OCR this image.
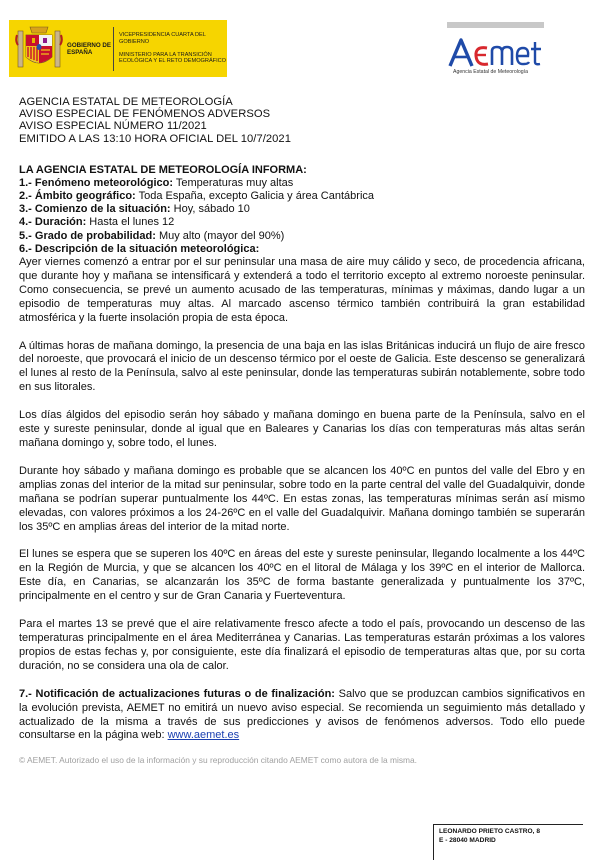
GOBIERNO DE ESPAÑA
VICEPRESIDENCIA CUARTA DEL GOBIERNO
MINISTERIO PARA LA TRANSICIÓN ECOLÓGICA Y EL RETO DEMOGRÁFICO
Agencia Estatal de Meteorología
AGENCIA ESTATAL DE METEOROLOGÍA
AVISO ESPECIAL DE FENÓMENOS ADVERSOS
AVISO ESPECIAL NÚMERO 11/2021
EMITIDO A LAS 13:10 HORA OFICIAL DEL 10/7/2021
LA AGENCIA ESTATAL DE METEOROLOGÍA INFORMA:
1.- Fenómeno meteorológico: Temperaturas muy altas
2.- Ámbito geográfico: Toda España, excepto Galicia y área Cantábrica
3.- Comienzo de la situación: Hoy, sábado 10
4.- Duración: Hasta el lunes 12
5.- Grado de probabilidad: Muy alto (mayor del 90%)
6.- Descripción de la situación meteorológica:

Ayer viernes comenzó a entrar por el sur peninsular una masa de aire muy cálido y seco, de procedencia africana, que durante hoy y mañana se intensificará y extenderá a todo el territorio excepto al extremo noroeste peninsular. Como consecuencia, se prevé un aumento acusado de las temperaturas, mínimas y máximas, dando lugar a un episodio de temperaturas muy altas. Al marcado ascenso térmico también contribuirá la gran estabilidad atmosférica y la fuerte insolación propia de esta época.

A últimas horas de mañana domingo, la presencia de una baja en las islas Británicas inducirá un flujo de aire fresco del noroeste, que provocará el inicio de un descenso térmico por el oeste de Galicia. Este descenso se generalizará el lunes al resto de la Península, salvo al este peninsular, donde las temperaturas subirán notablemente, sobre todo en sus litorales.

Los días álgidos del episodio serán hoy sábado y mañana domingo en buena parte de la Península, salvo en el este y sureste peninsular, donde al igual que en Baleares y Canarias los días con temperaturas más altas serán mañana domingo y, sobre todo, el lunes.

Durante hoy sábado y mañana domingo es probable que se alcancen los 40ºC en puntos del valle del Ebro y en amplias zonas del interior de la mitad sur peninsular, sobre todo en la parte central del valle del Guadalquivir, donde mañana se podrían superar puntualmente los 44ºC. En estas zonas, las temperaturas mínimas serán así mismo elevadas, con valores próximos a los 24-26ºC en el valle del Guadalquivir. Mañana domingo también se superarán los 35ºC en amplias áreas del interior de la mitad norte.

El lunes se espera que se superen los 40ºC en áreas del este y sureste peninsular, llegando localmente a los 44ºC en la Región de Murcia, y que se alcancen los 40ºC en el litoral de Málaga y los 39ºC en el interior de Mallorca. Este día, en Canarias, se alcanzarán los 35ºC de forma bastante generalizada y puntualmente los 37ºC, principalmente en el centro y sur de Gran Canaria y Fuerteventura.

Para el martes 13 se prevé que el aire relativamente fresco afecte a todo el país, provocando un descenso de las temperaturas principalmente en el área Mediterránea y Canarias. Las temperaturas estarán próximas a los valores propios de estas fechas y, por consiguiente, este día finalizará el episodio de temperaturas altas que, por su corta duración, no se considera una ola de calor.

7.- Notificación de actualizaciones futuras o de finalización: Salvo que se produzcan cambios significativos en la evolución prevista, AEMET no emitirá un nuevo aviso especial. Se recomienda un seguimiento más detallado y actualizado de la misma a través de sus predicciones y avisos de fenómenos adversos. Todo ello puede consultarse en la página web: www.aemet.es

© AEMET. Autorizado el uso de la información y su reproducción citando AEMET como autora de la misma.
LEONARDO PRIETO CASTRO, 8
E - 28040 MADRID
